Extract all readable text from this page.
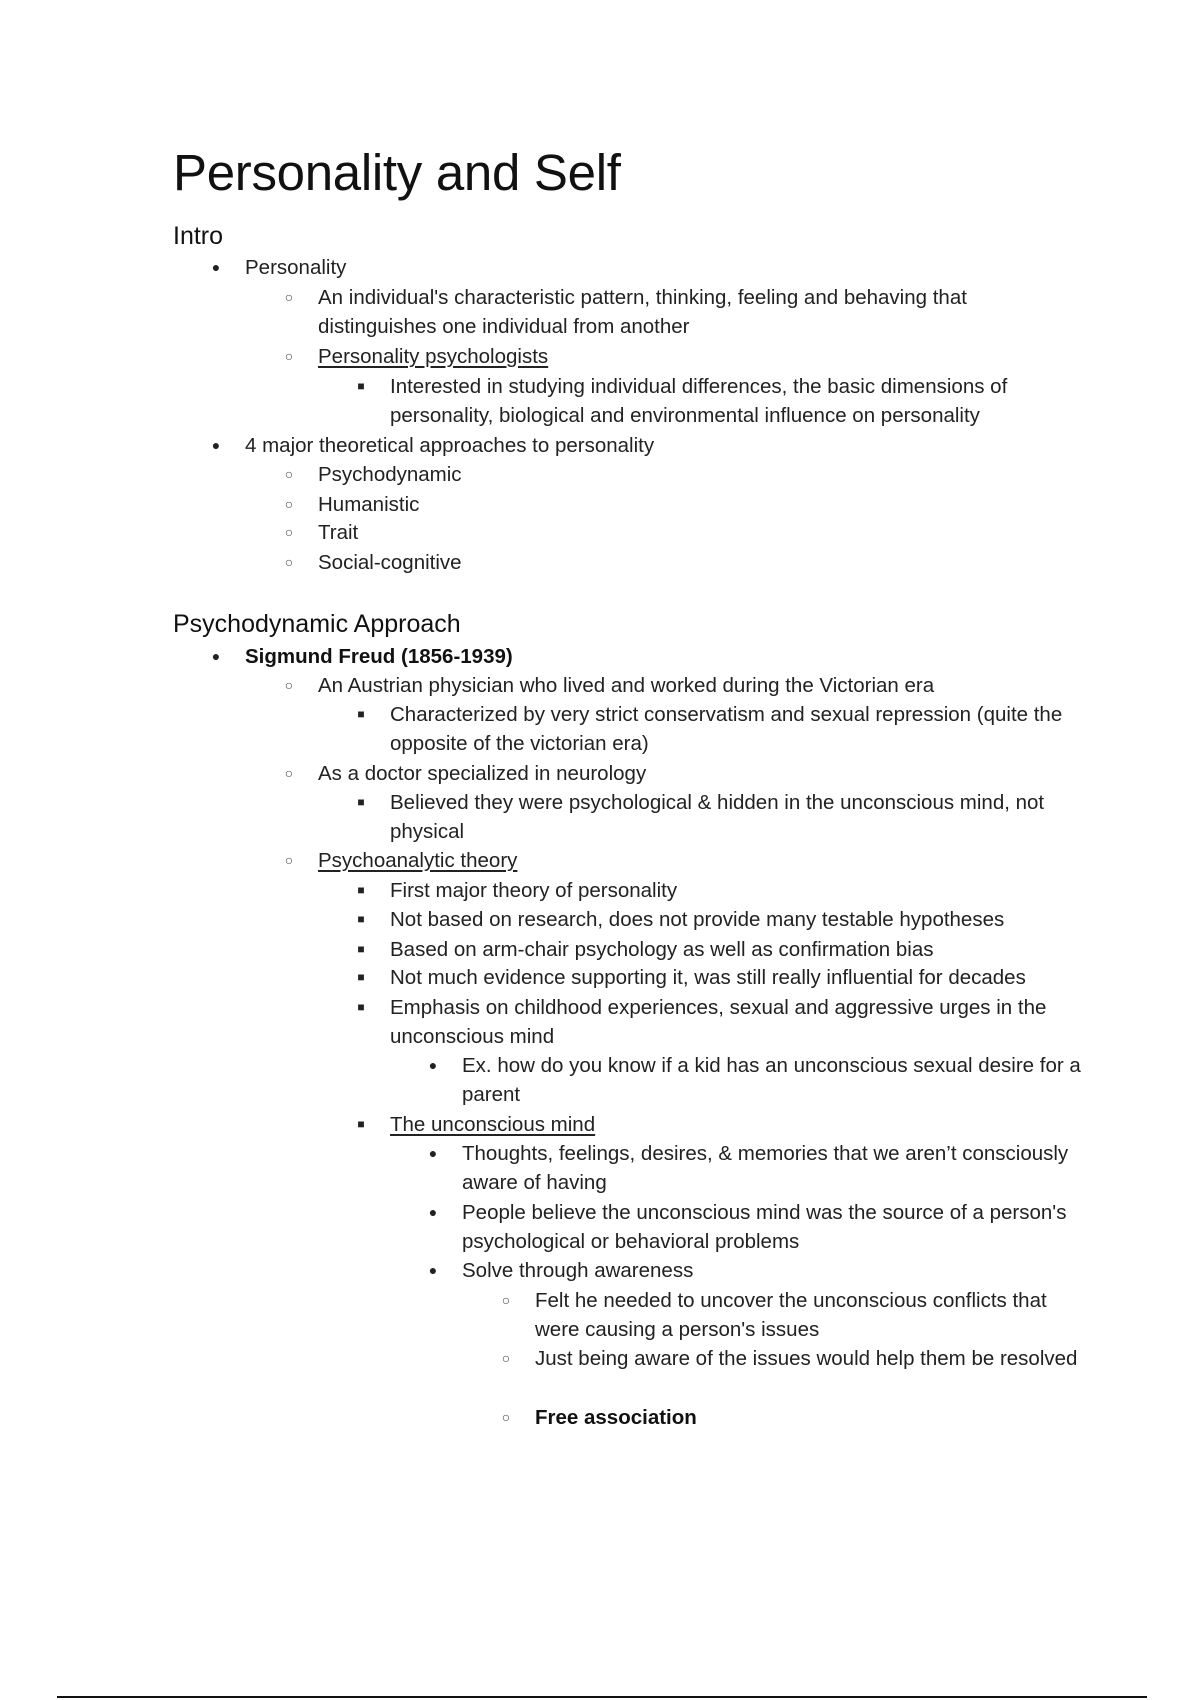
Personality and Self
Intro
● Personality
○ An individual's characteristic pattern, thinking, feeling and behaving that distinguishes one individual from another
○ Personality psychologists
■ Interested in studying individual differences, the basic dimensions of personality, biological and environmental influence on personality
● 4 major theoretical approaches to personality
○ Psychodynamic
○ Humanistic
○ Trait
○ Social-cognitive
Psychodynamic Approach
● Sigmund Freud (1856-1939)
○ An Austrian physician who lived and worked during the Victorian era
■ Characterized by very strict conservatism and sexual repression (quite the opposite of the victorian era)
○ As a doctor specialized in neurology
■ Believed they were psychological & hidden in the unconscious mind, not physical
○ Psychoanalytic theory
■ First major theory of personality
■ Not based on research, does not provide many testable hypotheses
■ Based on arm-chair psychology as well as confirmation bias
■ Not much evidence supporting it, was still really influential for decades
■ Emphasis on childhood experiences, sexual and aggressive urges in the unconscious mind
● Ex. how do you know if a kid has an unconscious sexual desire for a parent
■ The unconscious mind
● Thoughts, feelings, desires, & memories that we aren’t consciously aware of having
● People believe the unconscious mind was the source of a person's psychological or behavioral problems
● Solve through awareness
○ Felt he needed to uncover the unconscious conflicts that were causing a person's issues
○ Just being aware of the issues would help them be resolved
○ Free association
